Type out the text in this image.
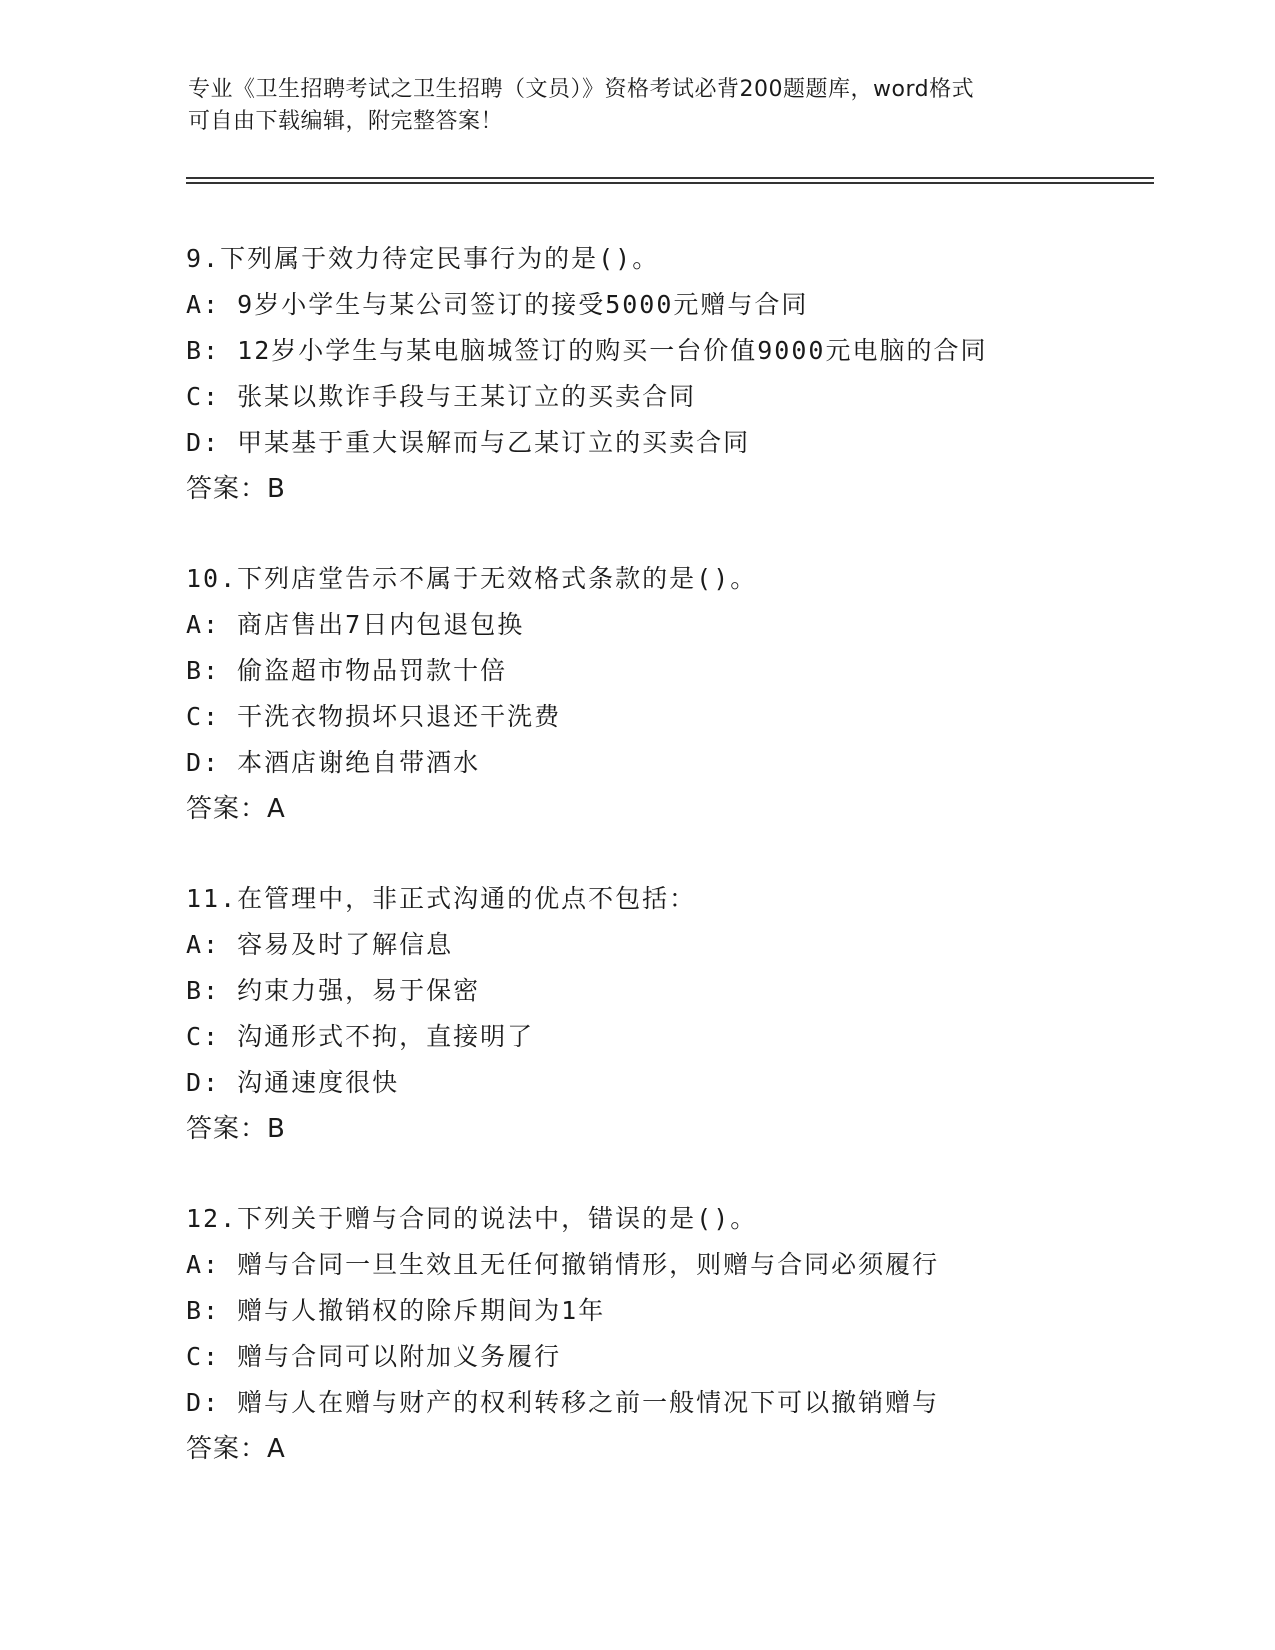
专业《卫生招聘考试之卫生招聘（文员）》资格考试必背200题题库，word格式
可自由下载编辑，附完整答案！
9.下列属于效力待定民事行为的是()。
A: 9岁小学生与某公司签订的接受5000元赠与合同
B: 12岁小学生与某电脑城签订的购买一台价值9000元电脑的合同
C: 张某以欺诈手段与王某订立的买卖合同
D: 甲某基于重大误解而与乙某订立的买卖合同
答案：B
10.下列店堂告示不属于无效格式条款的是()。
A: 商店售出7日内包退包换
B: 偷盗超市物品罚款十倍
C: 干洗衣物损坏只退还干洗费
D: 本酒店谢绝自带酒水
答案：A
11.在管理中，非正式沟通的优点不包括：
A: 容易及时了解信息
B: 约束力强，易于保密
C: 沟通形式不拘，直接明了
D: 沟通速度很快
答案：B
12.下列关于赠与合同的说法中，错误的是()。
A: 赠与合同一旦生效且无任何撤销情形，则赠与合同必须履行
B: 赠与人撤销权的除斥期间为1年
C: 赠与合同可以附加义务履行
D: 赠与人在赠与财产的权利转移之前一般情况下可以撤销赠与
答案：A
